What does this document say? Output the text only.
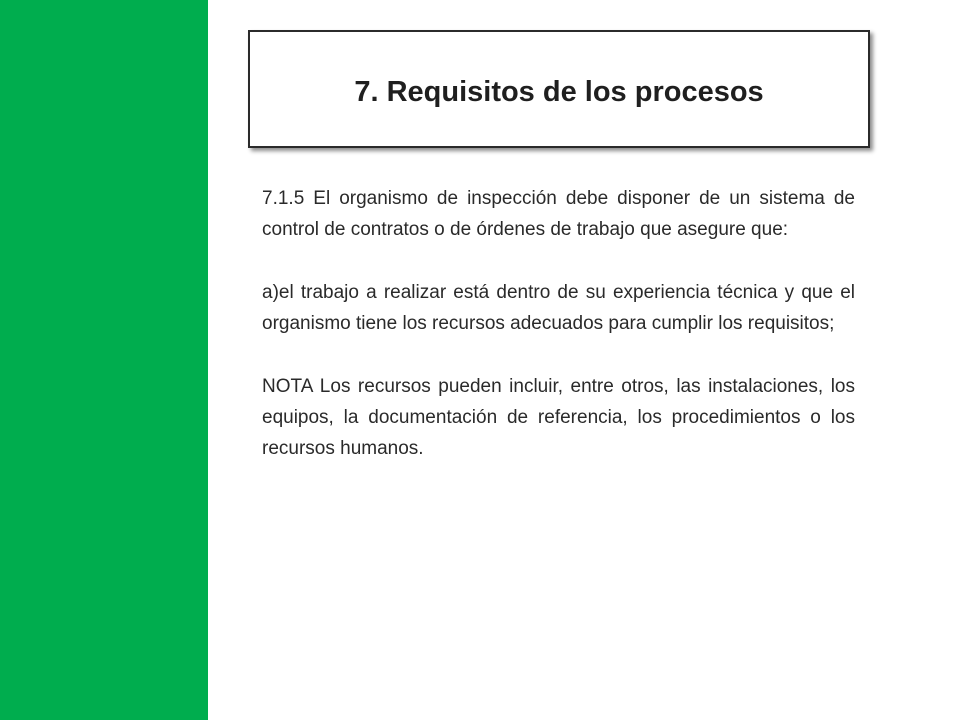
7. Requisitos de los procesos

7.1.5 El organismo de inspección debe disponer de un sistema de control de contratos o de órdenes de trabajo que asegure que:

a)el trabajo a realizar está dentro de su experiencia técnica y que el organismo tiene los recursos adecuados para cumplir los requisitos;

NOTA Los recursos pueden incluir, entre otros, las instalaciones, los equipos, la documentación de referencia, los procedimientos o los recursos humanos.
